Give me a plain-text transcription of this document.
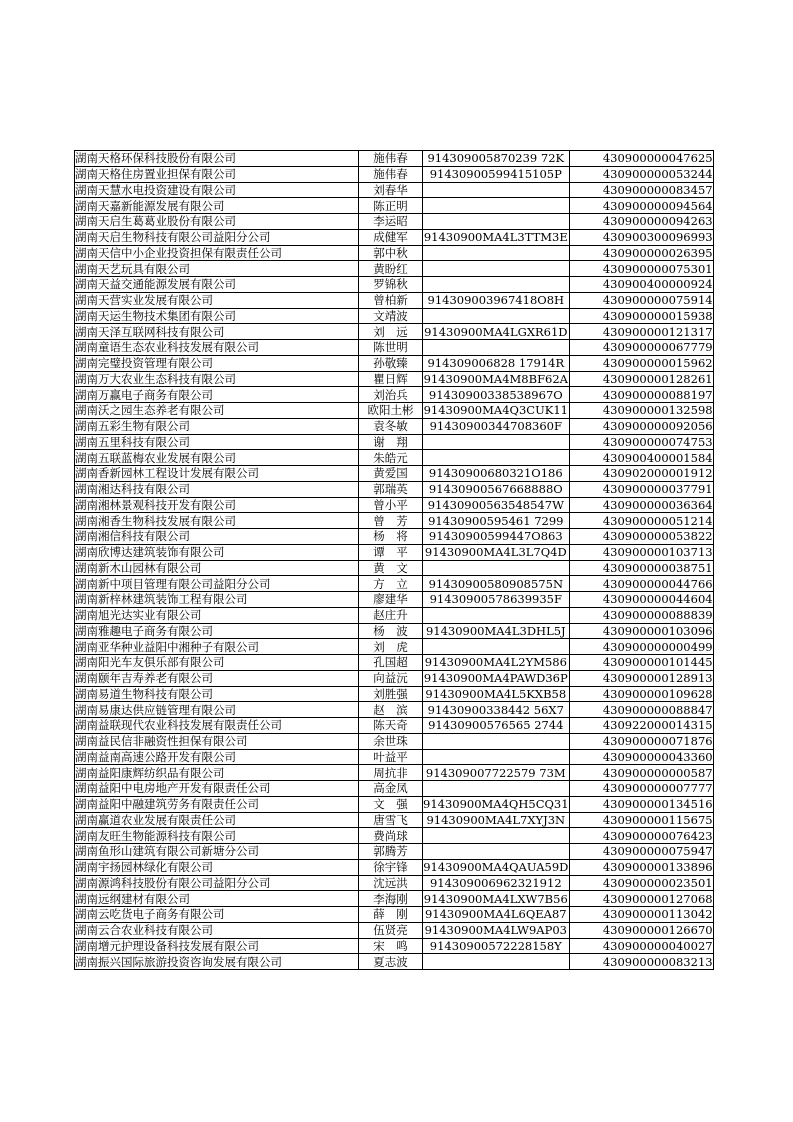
湖南天格环保科技股份有限公司	施伟春	914309005870239 72K	430900000047625
湖南天格住房置业担保有限公司	施伟春	91430900599415105P	430900000053244
湖南天慧水电投资建设有限公司	刘春华		430900000083457
湖南天嘉新能源发展有限公司	陈正明		430900000094564
湖南天启生葛葛业股份有限公司	李运昭		430900000094263
湖南天启生物科技有限公司益阳分公司	成健军	91430900MA4L3TTM3E	430900300096993
湖南天信中小企业投资担保有限责任公司	郭中秋		430900000026395
湖南天艺玩具有限公司	黄盼红		430900000075301
湖南天益交通能源发展有限公司	罗锦秋		430900400000924
湖南天营实业发展有限公司	曾柏新	914309003967418O8H	430900000075914
湖南天运生物技术集团有限公司	文靖波		430900000015938
湖南天泽互联网科技有限公司	刘　远	91430900MA4LGXR61D	430900000121317
湖南童语生态农业科技发展有限公司	陈世明		430900000067779
湖南完璧投资管理有限公司	孙敬臻	914309006828 17914R	430900000015962
湖南万大农业生态科技有限公司	瞿日辉	91430900MA4M8BF62A	430900000128261
湖南万赢电子商务有限公司	刘治兵	91430900338538967O	430900000088197
湖南沃之园生态养老有限公司	欧阳土彬	91430900MA4Q3CUK11	430900000132598
湖南五彩生物有限公司	袁冬敏	91430900344708360F	430900000092056
湖南五里科技有限公司	谢　翔		430900000074753
湖南五联蓝梅农业发展有限公司	朱皓元		430900400001584
湖南香新园林工程设计发展有限公司	黄爱国	91430900680321O186	430902000001912
湖南湘达科技有限公司	郭瑞英	91430900567668888O	430900000037791
湖南湘林景观科技开发有限公司	曾小平	91430900563548547W	430900000036364
湖南湘香生物科技发展有限公司	曾　芳	91430900595461 7299	430900000051214
湖南湘信科技有限公司	杨　将	91430900599447O863	430900000053822
湖南欣博达建筑装饰有限公司	谭　平	91430900MA4L3L7Q4D	430900000103713
湖南新木山园林有限公司	黄　文		430900000038751
湖南新中项目管理有限公司益阳分公司	方　立	91430900580908575N	430900000044766
湖南新梓林建筑装饰工程有限公司	廖建华	91430900578639935F	430900000044604
湖南旭光达实业有限公司	赵庄升		430900000088839
湖南雅趣电子商务有限公司	杨　波	91430900MA4L3DHL5J	430900000103096
湖南亚华种业益阳中湘种子有限公司	刘　虎		430900000000499
湖南阳光车友俱乐部有限公司	孔国超	91430900MA4L2YM586	430900000101445
湖南颐年吉寿养老有限公司	向益沅	91430900MA4PAWD36P	430900000128913
湖南易道生物科技有限公司	刘胜强	91430900MA4L5KXB58	430900000109628
湖南易康达供应链管理有限公司	赵　滨	91430900338442 56X7	430900000088847
湖南益联现代农业科技发展有限责任公司	陈天奇	91430900576565 2744	430922000014315
湖南益民信非融资性担保有限公司	余世珠		430900000071876
湖南益南高速公路开发有限公司	叶益平		430900000043360
湖南益阳康辉纺织品有限公司	周抗非	914309007722579 73M	430900000000587
湖南益阳中电房地产开发有限责任公司	高金凤		430900000007777
湖南益阳中融建筑劳务有限责任公司	文　强	91430900MA4QH5CQ31	430900000134516
湖南赢道农业发展有限责任公司	唐雪飞	91430900MA4L7XYJ3N	430900000115675
湖南友旺生物能源科技有限公司	费尚球		430900000076423
湖南鱼形山建筑有限公司新塘分公司	郭腾芳		430900000075947
湖南宇扬园林绿化有限公司	徐宇锋	91430900MA4QAUA59D	430900000133896
湖南源鸿科技股份有限公司益阳分公司	沈远洪	914309006962321912	430900000023501
湖南远纲建材有限公司	李海刚	91430900MA4LXW7B56	430900000127068
湖南云吃货电子商务有限公司	薛　刚	91430900MA4L6QEA87	430900000113042
湖南云合农业科技有限公司	伍贤亮	91430900MA4LW9AP03	430900000126670
湖南增元护理设备科技发展有限公司	宋　鸣	91430900572228158Y	430900000040027
湖南振兴国际旅游投资咨询发展有限公司	夏志波		430900000083213
